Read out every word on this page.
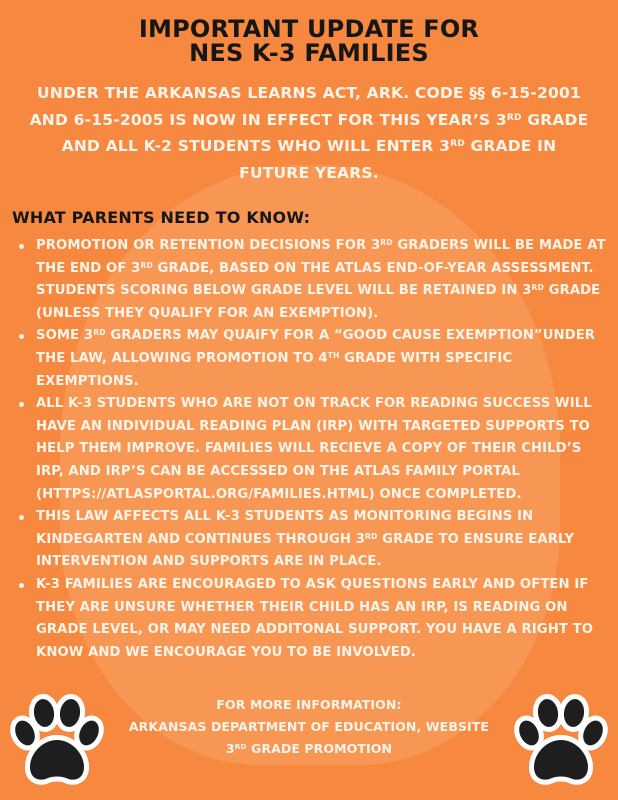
IMPORTANT UPDATE FOR
NES K-3 FAMILIES
UNDER THE ARKANSAS LEARNS ACT, ARK. CODE §§ 6-15-2001
AND 6-15-2005 IS NOW IN EFFECT FOR THIS YEAR’S 3RD GRADE
AND ALL K-2 STUDENTS WHO WILL ENTER 3RD GRADE IN
FUTURE YEARS.
WHAT PARENTS NEED TO KNOW:
PROMOTION OR RETENTION DECISIONS FOR 3RD GRADERS WILL BE MADE AT THE END OF 3RD GRADE, BASED ON THE ATLAS END-OF-YEAR ASSESSMENT. STUDENTS SCORING BELOW GRADE LEVEL WILL BE RETAINED IN 3RD GRADE (UNLESS THEY QUALIFY FOR AN EXEMPTION).
SOME 3RD GRADERS MAY QUAIFY FOR A “GOOD CAUSE EXEMPTION”UNDER THE LAW, ALLOWING PROMOTION TO 4TH GRADE WITH SPECIFIC EXEMPTIONS.
ALL K-3 STUDENTS WHO ARE NOT ON TRACK FOR READING SUCCESS WILL HAVE AN INDIVIDUAL READING PLAN (IRP) WITH TARGETED SUPPORTS TO HELP THEM IMPROVE. FAMILIES WILL RECIEVE A COPY OF THEIR CHILD’S IRP, AND IRP’S CAN BE ACCESSED ON THE ATLAS FAMILY PORTAL (HTTPS://ATLASPORTAL.ORG/FAMILIES.HTML) ONCE COMPLETED.
THIS LAW AFFECTS ALL K-3 STUDENTS AS MONITORING BEGINS IN KINDEGARTEN AND CONTINUES THROUGH 3RD GRADE TO ENSURE EARLY INTERVENTION AND SUPPORTS ARE IN PLACE.
K-3 FAMILIES ARE ENCOURAGED TO ASK QUESTIONS EARLY AND OFTEN IF THEY ARE UNSURE WHETHER THEIR CHILD HAS AN IRP, IS READING ON GRADE LEVEL, OR MAY NEED ADDITONAL SUPPORT. YOU HAVE A RIGHT TO KNOW AND WE ENCOURAGE YOU TO BE INVOLVED.
FOR MORE INFORMATION:
ARKANSAS DEPARTMENT OF EDUCATION, WEBSITE
3RD GRADE PROMOTION
